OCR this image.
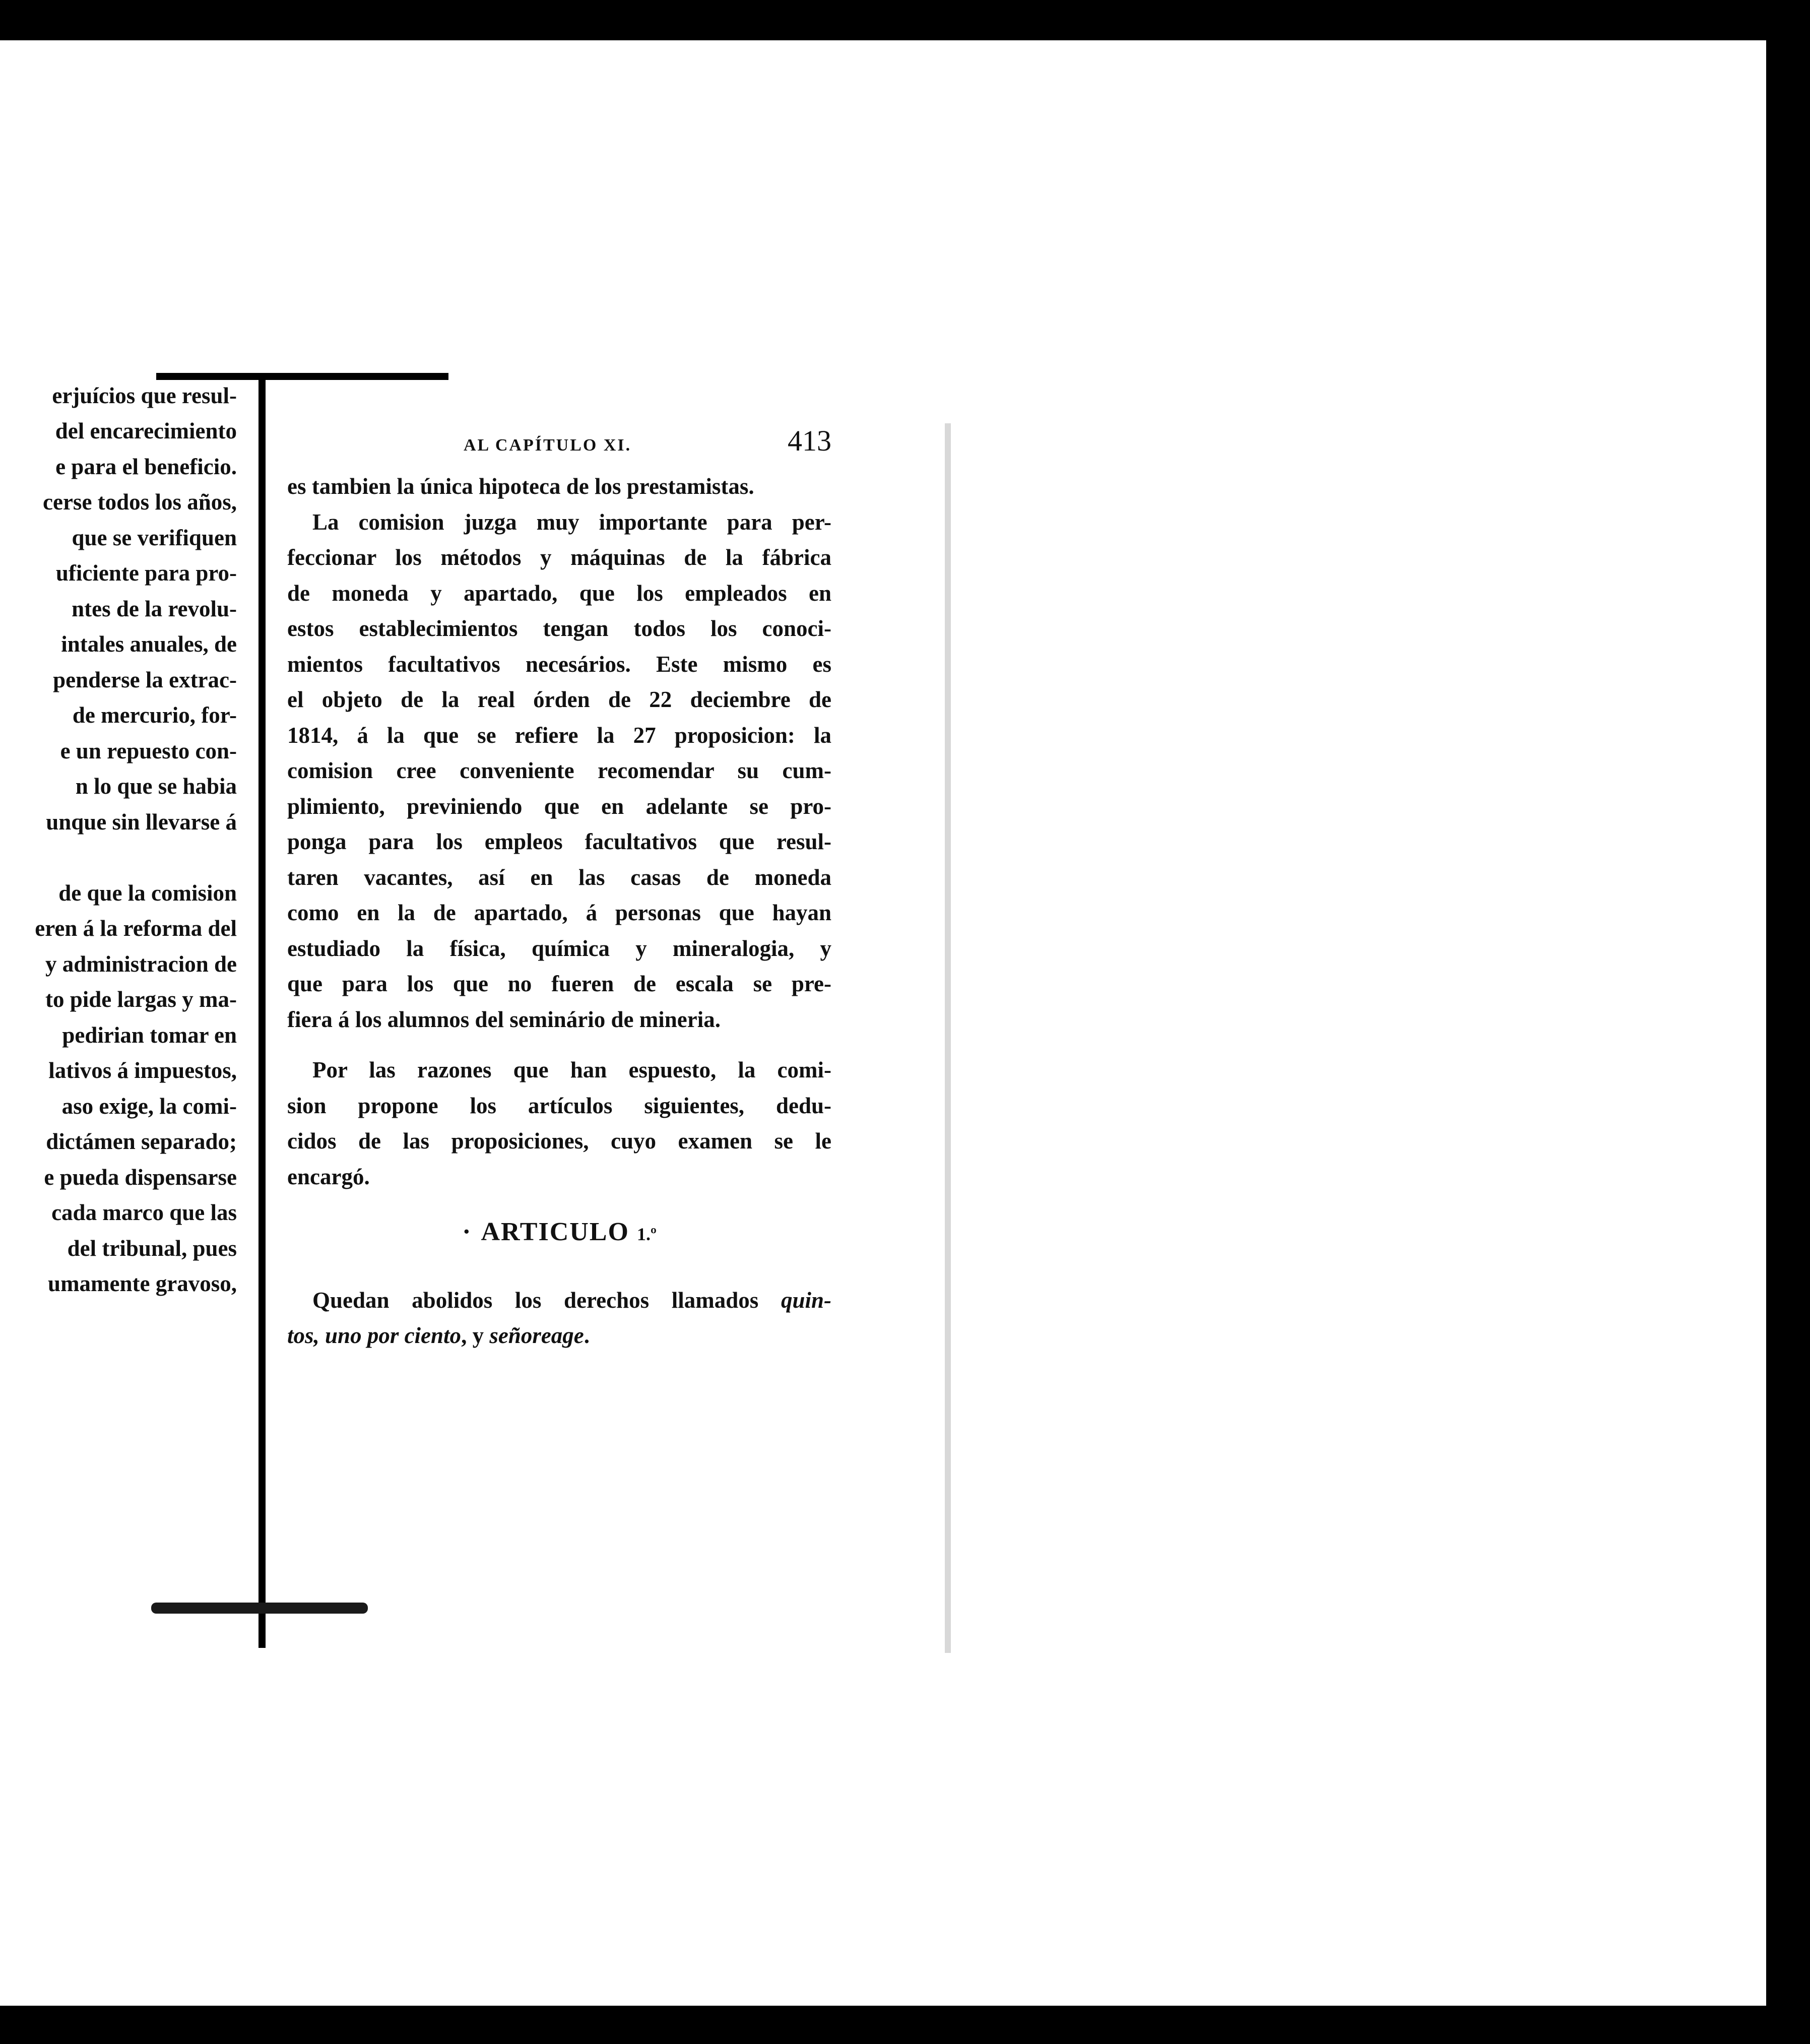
erjuícios que resul-
del encarecimiento
e para el beneficio.
cerse todos los años,
que se verifiquen
uficiente para pro-
ntes de la revolu-
intales anuales, de
penderse la extrac-
de mercurio, for-
e un repuesto con-
n lo que se habia
unque sin llevarse á
de que la comision
eren á la reforma del
y administracion de
to pide largas y ma-
pedirian tomar en
lativos á impuestos,
aso exige, la comi-
dictámen separado;
e pueda dispensarse
cada marco que las
del tribunal, pues
umamente gravoso,
AL CAPÍTULO XI.	413

es tambien la única hipoteca de los prestamistas.

La comision juzga muy importante para per-
feccionar los métodos y máquinas de la fábrica
de moneda y apartado, que los empleados en
estos establecimientos tengan todos los conoci-
mientos facultativos necesários. Este mismo es
el objeto de la real órden de 22 deciembre de
1814, á la que se refiere la 27 proposicion: la
comision cree conveniente recomendar su cum-
plimiento, previniendo que en adelante se pro-
ponga para los empleos facultativos que resul-
taren vacantes, así en las casas de moneda
como en la de apartado, á personas que hayan
estudiado la física, química y mineralogia, y
que para los que no fueren de escala se pre-
fiera á los alumnos del seminário de mineria.

Por las razones que han espuesto, la comi-
sion propone los artículos siguientes, dedu-
cidos de las proposiciones, cuyo examen se le
encargó.

· ARTICULO 1.º

Quedan abolidos los derechos llamados quin-
tos, uno por ciento, y señoreage.
